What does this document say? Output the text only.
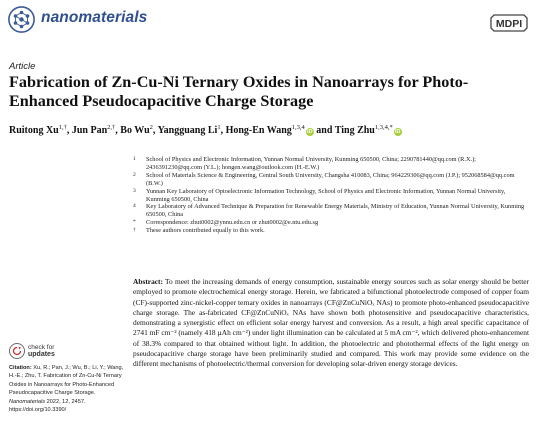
nanomaterials	MDPI
Article
Fabrication of Zn-Cu-Ni Ternary Oxides in Nanoarrays for Photo-Enhanced Pseudocapacitive Charge Storage
Ruitong $Xu^{1,\dagger}$, Jun Pan$^{2,\dagger}$, Bo Wu$^2$, Yangguang Li$^1$, Hong-En Wang$^{1,3,4}$iD and Ting Zhu$^{1,3,4,*}$iD
1	School of Physics and Electronic Information, Yunnan Normal University, Kunming 650500, China; 2290781440@qq.com (R.X.); 2436391230@qq.com (Y.L.); hongen.wang@outlook.com (H.-E.W.)
2	School of Materials Science & Engineering, Central South University, Changsha 410083, China; 964229306@qq.com (J.P.); 952068584@qq.com (B.W.)
3	Yunnan Key Laboratory of Optoelectronic Information Technology, School of Physics and Electronic Information, Yunnan Normal University, Kunming 650500, China
4	Key Laboratory of Advanced Technique & Preparation for Renewable Energy Materials, Ministry of Education, Yunnan Normal University, Kunming 650500, China
*	Correspondence: zhut0002@ynnu.edu.cn or zhut0002@e.ntu.edu.sg
†	These authors contributed equally to this work.
check for
updates
Citation: Xu, R.; Pan, J.; Wu, B.; Li, Y.; Wang, H.-E.; Zhu, T. Fabrication of Zn-Cu-Ni Ternary Oxides in Nanoarrays for Photo-Enhanced Pseudocapacitive Charge Storage. Nanomaterials 2022, 12, 2457.
https://doi.org/10.3390/
Abstract: To meet the increasing demands of energy consumption, sustainable energy sources such as solar energy should be better employed to promote electrochemical energy storage. Herein, we fabricated a bifunctional photoelectrode composed of copper foam (CF)-supported zinc-nickel-copper ternary oxides in nanoarrays (CF@ZnCuNiOₓ NAs) to promote photo-enhanced pseudocapacitive charge storage. The as-fabricated CF@ZnCuNiOₓ NAs have shown both photosensitive and pseudocapacitive characteristics, demonstrating a synergistic effect on efficient solar energy harvest and conversion. As a result, a high areal specific capacitance of 2741 mF cm⁻² (namely 418 µAh cm⁻²) under light illumination can be calculated at 5 mA cm⁻², which delivered photo-enhancement of 38.3% compared to that obtained without light. In addition, the photoelectric and photothermal effects of the light energy on pseudocapacitive charge storage have been preliminarily studied and compared. This work may provide some evidence on the different mechanisms of photoelectric/thermal conversion for developing solar-driven energy storage devices.
